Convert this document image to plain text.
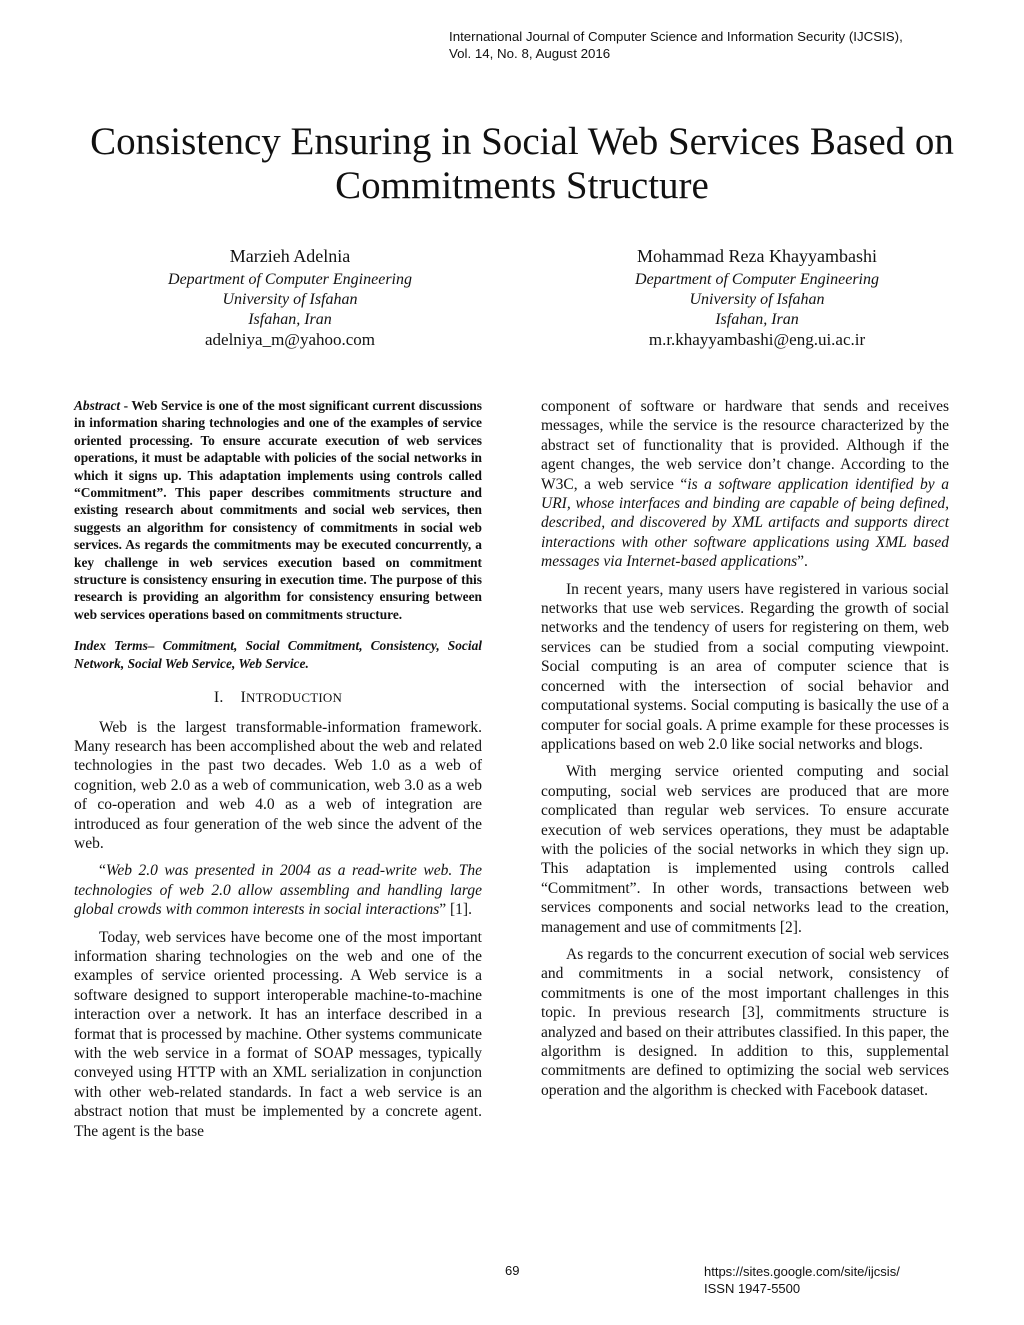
International Journal of Computer Science and Information Security (IJCSIS),
Vol. 14, No. 8, August 2016
Consistency Ensuring in Social Web Services Based on
Commitments Structure
Marzieh Adelnia
Department of Computer Engineering
University of Isfahan
Isfahan, Iran
adelniya_m@yahoo.com
Mohammad Reza Khayyambashi
Department of Computer Engineering
University of Isfahan
Isfahan, Iran
m.r.khayyambashi@eng.ui.ac.ir

Abstract - Web Service is one of the most significant current discussions in information sharing technologies and one of the examples of service oriented processing. To ensure accurate execution of web services operations, it must be adaptable with policies of the social networks in which it signs up. This adaptation implements using controls called “Commitment”. This paper describes commitments structure and existing research about commitments and social web services, then suggests an algorithm for consistency of commitments in social web services. As regards the commitments may be executed concurrently, a key challenge in web services execution based on commitment structure is consistency ensuring in execution time. The purpose of this research is providing an algorithm for consistency ensuring between web services operations based on commitments structure.

Index Terms– Commitment, Social Commitment, Consistency, Social Network, Social Web Service, Web Service.

I. INTRODUCTION

Web is the largest transformable-information framework. Many research has been accomplished about the web and related technologies in the past two decades. Web 1.0 as a web of cognition, web 2.0 as a web of communication, web 3.0 as a web of co-operation and web 4.0 as a web of integration are introduced as four generation of the web since the advent of the web.

“Web 2.0 was presented in 2004 as a read-write web. The technologies of web 2.0 allow assembling and handling large global crowds with common interests in social interactions” [1].

Today, web services have become one of the most important information sharing technologies on the web and one of the examples of service oriented processing. A Web service is a software designed to support interoperable machine-to-machine interaction over a network. It has an interface described in a format that is processed by machine. Other systems communicate with the web service in a format of SOAP messages, typically conveyed using HTTP with an XML serialization in conjunction with other web-related standards. In fact a web service is an abstract notion that must be implemented by a concrete agent. The agent is the base

component of software or hardware that sends and receives messages, while the service is the resource characterized by the abstract set of functionality that is provided. Although if the agent changes, the web service don’t change. According to the W3C, a web service “is a software application identified by a URI, whose interfaces and binding are capable of being defined, described, and discovered by XML artifacts and supports direct interactions with other software applications using XML based messages via Internet-based applications”.

In recent years, many users have registered in various social networks that use web services. Regarding the growth of social networks and the tendency of users for registering on them, web services can be studied from a social computing viewpoint. Social computing is an area of computer science that is concerned with the intersection of social behavior and computational systems. Social computing is basically the use of a computer for social goals. A prime example for these processes is applications based on web 2.0 like social networks and blogs.

With merging service oriented computing and social computing, social web services are produced that are more complicated than regular web services. To ensure accurate execution of web services operations, they must be adaptable with the policies of the social networks in which they sign up. This adaptation is implemented using controls called “Commitment”. In other words, transactions between web services components and social networks lead to the creation, management and use of commitments [2].

As regards to the concurrent execution of social web services and commitments in a social network, consistency of commitments is one of the most important challenges in this topic. In previous research [3], commitments structure is analyzed and based on their attributes classified. In this paper, the algorithm is designed. In addition to this, supplemental commitments are defined to optimizing the social web services operation and the algorithm is checked with Facebook dataset.

69	https://sites.google.com/site/ijcsis/
ISSN 1947-5500
